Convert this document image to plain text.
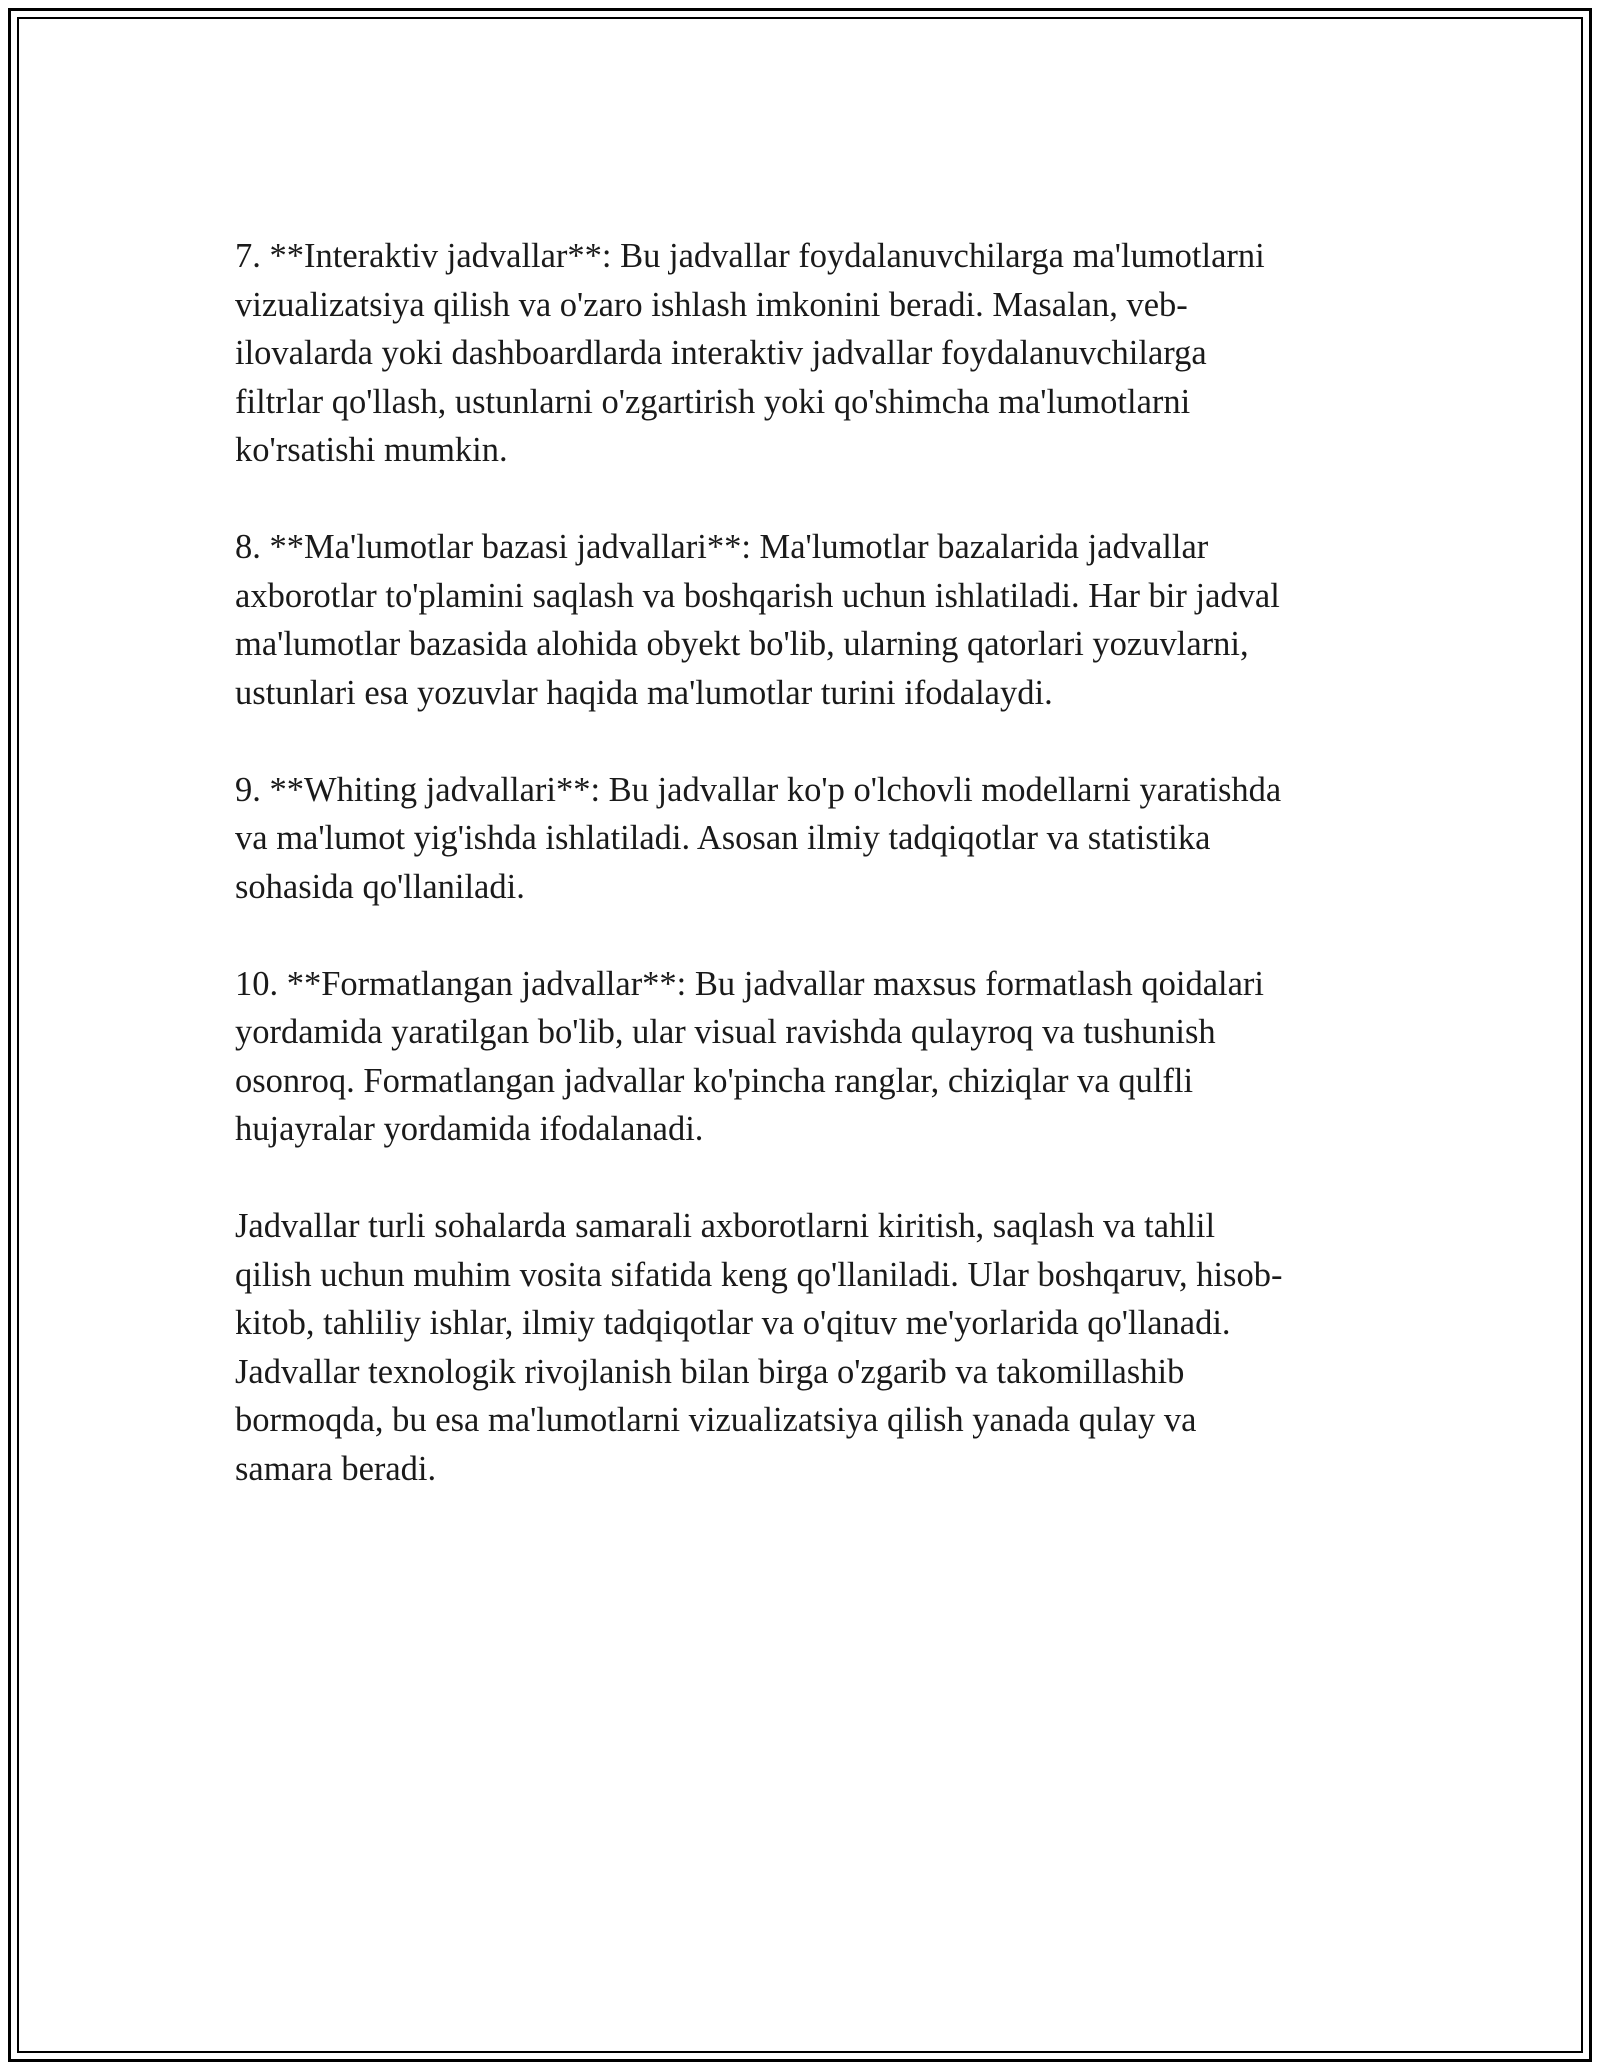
7. **Interaktiv jadvallar**: Bu jadvallar foydalanuvchilarga ma'lumotlarni
vizualizatsiya qilish va o'zaro ishlash imkonini beradi. Masalan, veb-
ilovalarda yoki dashboardlarda interaktiv jadvallar foydalanuvchilarga
filtrlar qo'llash, ustunlarni o'zgartirish yoki qo'shimcha ma'lumotlarni
ko'rsatishi mumkin.

8. **Ma'lumotlar bazasi jadvallari**: Ma'lumotlar bazalarida jadvallar
axborotlar to'plamini saqlash va boshqarish uchun ishlatiladi. Har bir jadval
ma'lumotlar bazasida alohida obyekt bo'lib, ularning qatorlari yozuvlarni,
ustunlari esa yozuvlar haqida ma'lumotlar turini ifodalaydi.

9. **Whiting jadvallari**: Bu jadvallar ko'p o'lchovli modellarni yaratishda
va ma'lumot yig'ishda ishlatiladi. Asosan ilmiy tadqiqotlar va statistika
sohasida qo'llaniladi.

10. **Formatlangan jadvallar**: Bu jadvallar maxsus formatlash qoidalari
yordamida yaratilgan bo'lib, ular visual ravishda qulayroq va tushunish
osonroq. Formatlangan jadvallar ko'pincha ranglar, chiziqlar va qulfli
hujayralar yordamida ifodalanadi.

Jadvallar turli sohalarda samarali axborotlarni kiritish, saqlash va tahlil
qilish uchun muhim vosita sifatida keng qo'llaniladi. Ular boshqaruv, hisob-
kitob, tahliliy ishlar, ilmiy tadqiqotlar va o'qituv me'yorlarida qo'llanadi.
Jadvallar texnologik rivojlanish bilan birga o'zgarib va takomillashib
bormoqda, bu esa ma'lumotlarni vizualizatsiya qilish yanada qulay va
samara beradi.
